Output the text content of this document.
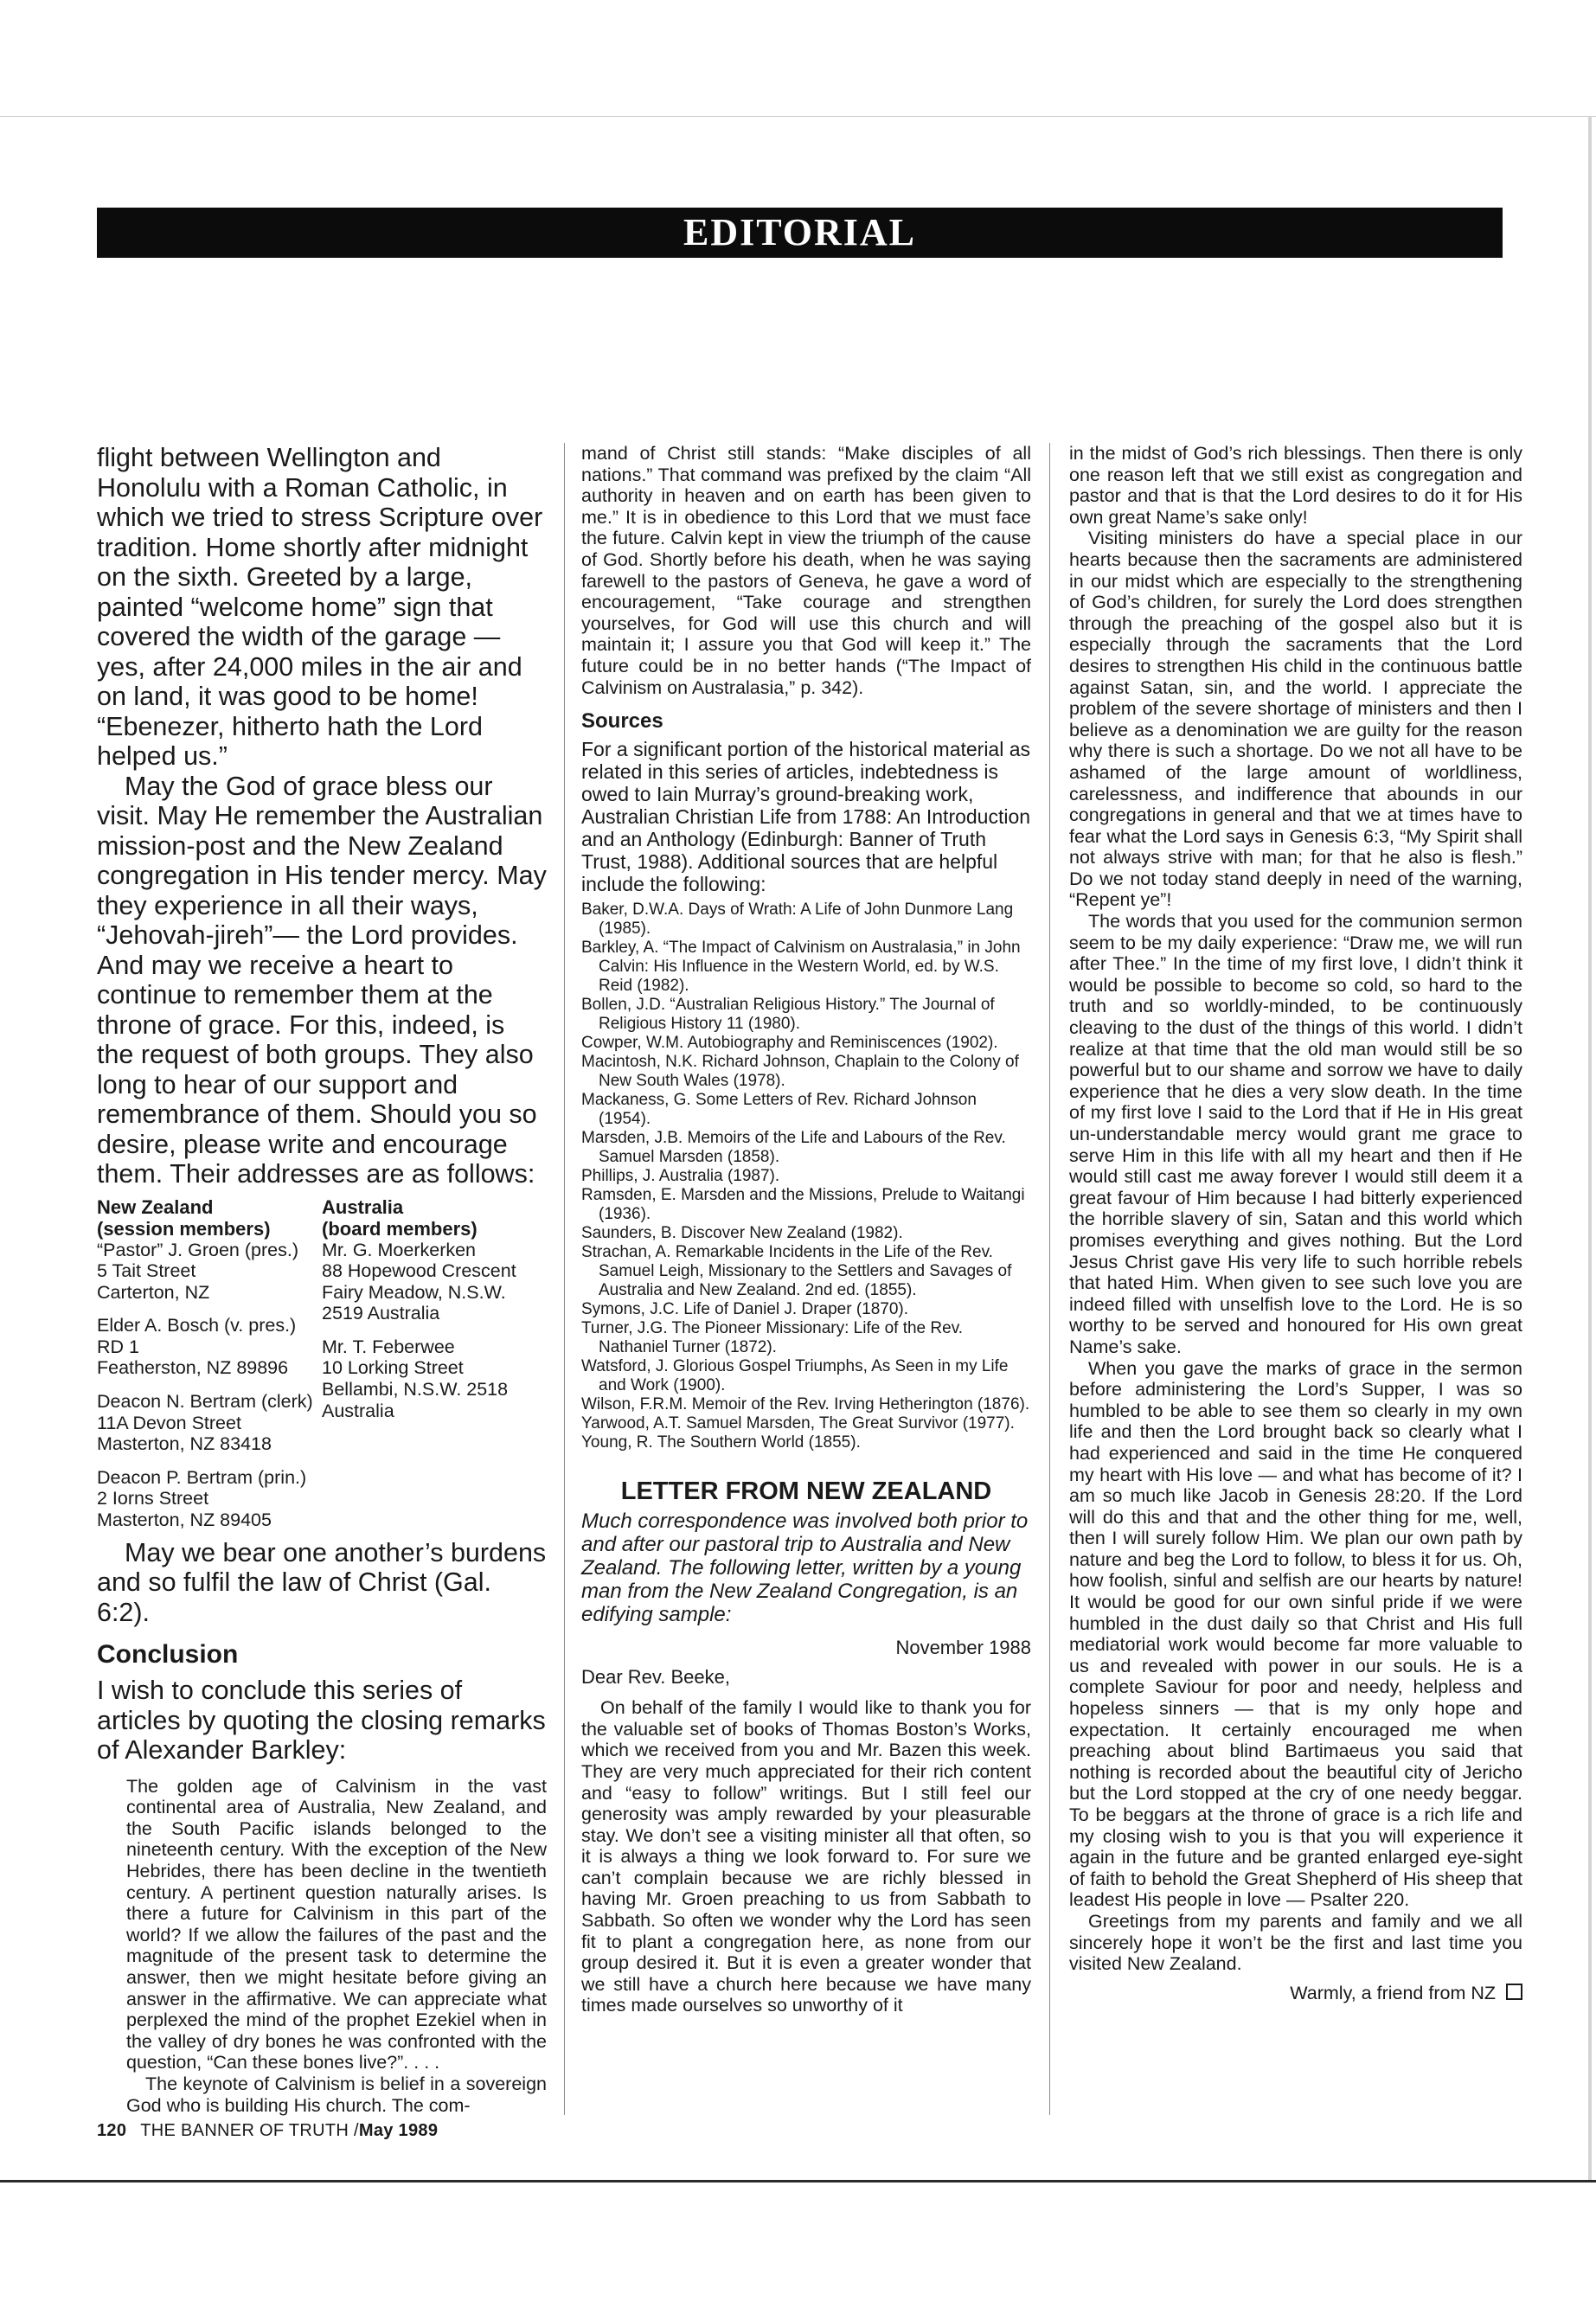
EDITORIAL

flight between Wellington and Honolulu with a Roman Catholic, in which we tried to stress Scripture over tradition. Home shortly after midnight on the sixth. Greeted by a large, painted “welcome home” sign that covered the width of the garage — yes, after 24,000 miles in the air and on land, it was good to be home! “Ebenezer, hitherto hath the Lord helped us.”

May the God of grace bless our visit. May He remember the Australian mission-post and the New Zealand congregation in His tender mercy. May they experience in all their ways, “Jehovah-jireh”— the Lord provides. And may we receive a heart to continue to remember them at the throne of grace. For this, indeed, is the request of both groups. They also long to hear of our support and remembrance of them. Should you so desire, please write and encourage them. Their addresses are as follows:

New Zealand
(session members)
“Pastor” J. Groen (pres.)
5 Tait Street
Carterton, NZ
Elder A. Bosch (v. pres.)
RD 1
Featherston, NZ 89896
Deacon N. Bertram (clerk)
11A Devon Street
Masterton, NZ 83418
Deacon P. Bertram (prin.)
2 Iorns Street
Masterton, NZ 89405
Australia
(board members)
Mr. G. Moerkerken
88 Hopewood Crescent
Fairy Meadow, N.S.W.
2519 Australia
Mr. T. Feberwee
10 Lorking Street
Bellambi, N.S.W. 2518
Australia

May we bear one another’s burdens and so fulfil the law of Christ (Gal. 6:2).

Conclusion

I wish to conclude this series of articles by quoting the closing remarks of Alexander Barkley:

The golden age of Calvinism in the vast continental area of Australia, New Zealand, and the South Pacific islands belonged to the nineteenth century. With the exception of the New Hebrides, there has been decline in the twentieth century. A pertinent question naturally arises. Is there a future for Calvinism in this part of the world? If we allow the failures of the past and the magnitude of the present task to determine the answer, then we might hesitate before giving an answer in the affirmative. We can appreciate what perplexed the mind of the prophet Ezekiel when in the valley of dry bones he was confronted with the question, “Can these bones live?”. . . .

The keynote of Calvinism is belief in a sovereign God who is building His church. The com-

mand of Christ still stands: “Make disciples of all nations.” That command was prefixed by the claim “All authority in heaven and on earth has been given to me.” It is in obedience to this Lord that we must face the future. Calvin kept in view the triumph of the cause of God. Shortly before his death, when he was saying farewell to the pastors of Geneva, he gave a word of encouragement, “Take courage and strengthen yourselves, for God will use this church and will maintain it; I assure you that God will keep it.” The future could be in no better hands (“The Impact of Calvinism on Australasia,” p. 342).

Sources

For a significant portion of the historical material as related in this series of articles, indebtedness is owed to Iain Murray’s ground-breaking work, Australian Christian Life from 1788: An Introduction and an Anthology (Edinburgh: Banner of Truth Trust, 1988). Additional sources that are helpful include the following:

Baker, D.W.A. Days of Wrath: A Life of John Dunmore Lang (1985).
Barkley, A. “The Impact of Calvinism on Australasia,” in John Calvin: His Influence in the Western World, ed. by W.S. Reid (1982).
Bollen, J.D. “Australian Religious History.” The Journal of Religious History 11 (1980).
Cowper, W.M. Autobiography and Reminiscences (1902).
Macintosh, N.K. Richard Johnson, Chaplain to the Colony of New South Wales (1978).
Mackaness, G. Some Letters of Rev. Richard Johnson (1954).
Marsden, J.B. Memoirs of the Life and Labours of the Rev. Samuel Marsden (1858).
Phillips, J. Australia (1987).
Ramsden, E. Marsden and the Missions, Prelude to Waitangi (1936).
Saunders, B. Discover New Zealand (1982).
Strachan, A. Remarkable Incidents in the Life of the Rev. Samuel Leigh, Missionary to the Settlers and Savages of Australia and New Zealand. 2nd ed. (1855).
Symons, J.C. Life of Daniel J. Draper (1870).
Turner, J.G. The Pioneer Missionary: Life of the Rev. Nathaniel Turner (1872).
Watsford, J. Glorious Gospel Triumphs, As Seen in my Life and Work (1900).
Wilson, F.R.M. Memoir of the Rev. Irving Hetherington (1876).
Yarwood, A.T. Samuel Marsden, The Great Survivor (1977).
Young, R. The Southern World (1855).
LETTER FROM NEW ZEALAND

Much correspondence was involved both prior to and after our pastoral trip to Australia and New Zealand. The following letter, written by a young man from the New Zealand Congregation, is an edifying sample:

November 1988
Dear Rev. Beeke,

On behalf of the family I would like to thank you for the valuable set of books of Thomas Boston’s Works, which we received from you and Mr. Bazen this week. They are very much appreciated for their rich content and “easy to follow” writings. But I still feel our generosity was amply rewarded by your pleasurable stay. We don’t see a visiting minister all that often, so it is always a thing we look forward to. For sure we can’t complain because we are richly blessed in having Mr. Groen preaching to us from Sabbath to Sabbath. So often we wonder why the Lord has seen fit to plant a congregation here, as none from our group desired it. But it is even a greater wonder that we still have a church here because we have many times made ourselves so unworthy of it

in the midst of God’s rich blessings. Then there is only one reason left that we still exist as congregation and pastor and that is that the Lord desires to do it for His own great Name’s sake only!

Visiting ministers do have a special place in our hearts because then the sacraments are administered in our midst which are especially to the strengthening of God’s children, for surely the Lord does strengthen through the preaching of the gospel also but it is especially through the sacraments that the Lord desires to strengthen His child in the continuous battle against Satan, sin, and the world. I appreciate the problem of the severe shortage of ministers and then I believe as a denomination we are guilty for the reason why there is such a shortage. Do we not all have to be ashamed of the large amount of worldliness, carelessness, and indifference that abounds in our congregations in general and that we at times have to fear what the Lord says in Genesis 6:3, “My Spirit shall not always strive with man; for that he also is flesh.” Do we not today stand deeply in need of the warning, “Repent ye”!

The words that you used for the communion sermon seem to be my daily experience: “Draw me, we will run after Thee.” In the time of my first love, I didn’t think it would be possible to become so cold, so hard to the truth and so worldly-minded, to be continuously cleaving to the dust of the things of this world. I didn’t realize at that time that the old man would still be so powerful but to our shame and sorrow we have to daily experience that he dies a very slow death. In the time of my first love I said to the Lord that if He in His great un-understandable mercy would grant me grace to serve Him in this life with all my heart and then if He would still cast me away forever I would still deem it a great favour of Him because I had bitterly experienced the horrible slavery of sin, Satan and this world which promises everything and gives nothing. But the Lord Jesus Christ gave His very life to such horrible rebels that hated Him. When given to see such love you are indeed filled with unselfish love to the Lord. He is so worthy to be served and honoured for His own great Name’s sake.

When you gave the marks of grace in the sermon before administering the Lord’s Supper, I was so humbled to be able to see them so clearly in my own life and then the Lord brought back so clearly what I had experienced and said in the time He conquered my heart with His love — and what has become of it? I am so much like Jacob in Genesis 28:20. If the Lord will do this and that and the other thing for me, well, then I will surely follow Him. We plan our own path by nature and beg the Lord to follow, to bless it for us. Oh, how foolish, sinful and selfish are our hearts by nature! It would be good for our own sinful pride if we were humbled in the dust daily so that Christ and His full mediatorial work would become far more valuable to us and revealed with power in our souls. He is a complete Saviour for poor and needy, helpless and hopeless sinners — that is my only hope and expectation. It certainly encouraged me when preaching about blind Bartimaeus you said that nothing is recorded about the beautiful city of Jericho but the Lord stopped at the cry of one needy beggar. To be beggars at the throne of grace is a rich life and my closing wish to you is that you will experience it again in the future and be granted enlarged eye-sight of faith to behold the Great Shepherd of His sheep that leadest His people in love — Psalter 220.

Greetings from my parents and family and we all sincerely hope it won’t be the first and last time you visited New Zealand.

Warmly, a friend from NZ
120 THE BANNER OF TRUTH /May 1989
